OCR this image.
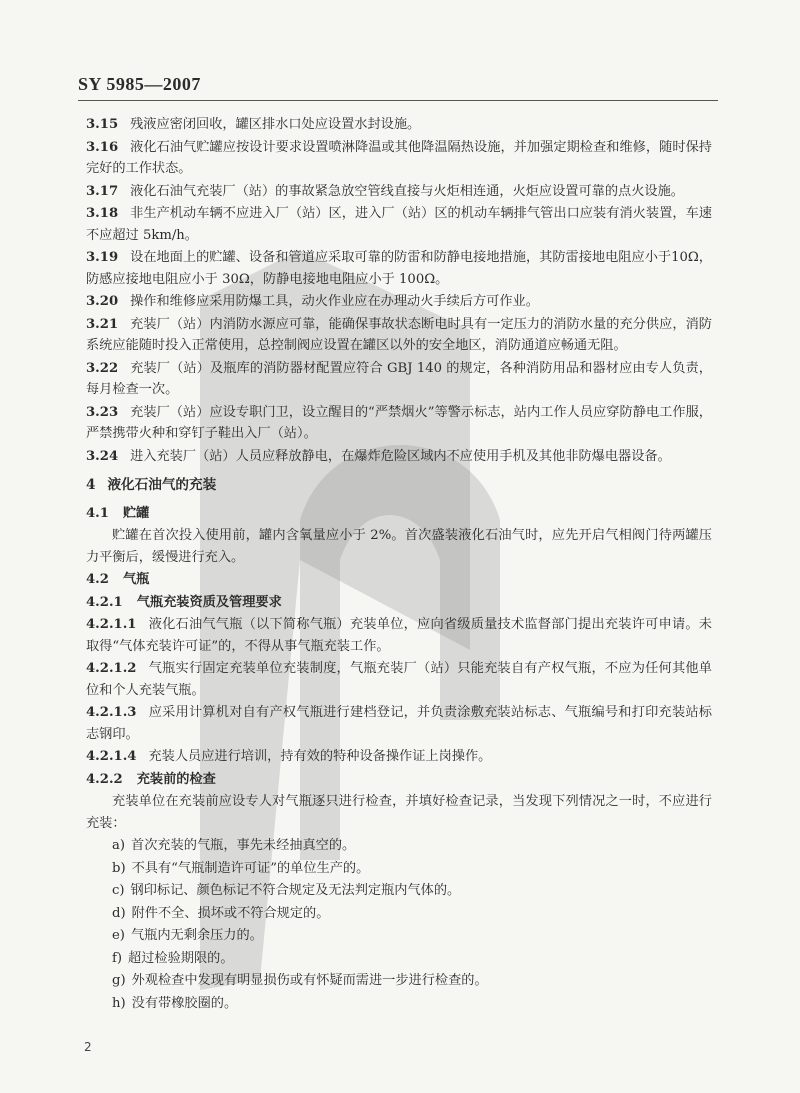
SY 5985—2007
3.15 残液应密闭回收，罐区排水口处应设置水封设施。
3.16 液化石油气贮罐应按设计要求设置喷淋降温或其他降温隔热设施，并加强定期检查和维修，随时保持完好的工作状态。
3.17 液化石油气充装厂（站）的事故紧急放空管线直接与火炬相连通，火炬应设置可靠的点火设施。
3.18 非生产机动车辆不应进入厂（站）区，进入厂（站）区的机动车辆排气管出口应装有消火装置，车速不应超过 5km/h。
3.19 设在地面上的贮罐、设备和管道应采取可靠的防雷和防静电接地措施，其防雷接地电阻应小于10Ω，防感应接地电阻应小于 30Ω，防静电接地电阻应小于 100Ω。
3.20 操作和维修应采用防爆工具，动火作业应在办理动火手续后方可作业。
3.21 充装厂（站）内消防水源应可靠，能确保事故状态断电时具有一定压力的消防水量的充分供应，消防系统应能随时投入正常使用，总控制阀应设置在罐区以外的安全地区，消防通道应畅通无阻。
3.22 充装厂（站）及瓶库的消防器材配置应符合 GBJ 140 的规定，各种消防用品和器材应由专人负责，每月检查一次。
3.23 充装厂（站）应设专职门卫，设立醒目的“严禁烟火”等警示标志，站内工作人员应穿防静电工作服，严禁携带火种和穿钉子鞋出入厂（站）。
3.24 进入充装厂（站）人员应释放静电，在爆炸危险区域内不应使用手机及其他非防爆电器设备。
4 液化石油气的充装
4.1 贮罐
贮罐在首次投入使用前，罐内含氧量应小于 2%。首次盛装液化石油气时，应先开启气相阀门待两罐压力平衡后，缓慢进行充入。
4.2 气瓶
4.2.1 气瓶充装资质及管理要求
4.2.1.1 液化石油气气瓶（以下简称气瓶）充装单位，应向省级质量技术监督部门提出充装许可申请。未取得“气体充装许可证”的，不得从事气瓶充装工作。
4.2.1.2 气瓶实行固定充装单位充装制度，气瓶充装厂（站）只能充装自有产权气瓶，不应为任何其他单位和个人充装气瓶。
4.2.1.3 应采用计算机对自有产权气瓶进行建档登记，并负责涂敷充装站标志、气瓶编号和打印充装站标志钢印。
4.2.1.4 充装人员应进行培训，持有效的特种设备操作证上岗操作。
4.2.2 充装前的检查
充装单位在充装前应设专人对气瓶逐只进行检查，并填好检查记录，当发现下列情况之一时，不应进行充装：
a) 首次充装的气瓶，事先未经抽真空的。
b) 不具有“气瓶制造许可证”的单位生产的。
c) 钢印标记、颜色标记不符合规定及无法判定瓶内气体的。
d) 附件不全、损坏或不符合规定的。
e) 气瓶内无剩余压力的。
f) 超过检验期限的。
g) 外观检查中发现有明显损伤或有怀疑而需进一步进行检查的。
h) 没有带橡胶圈的。
2
